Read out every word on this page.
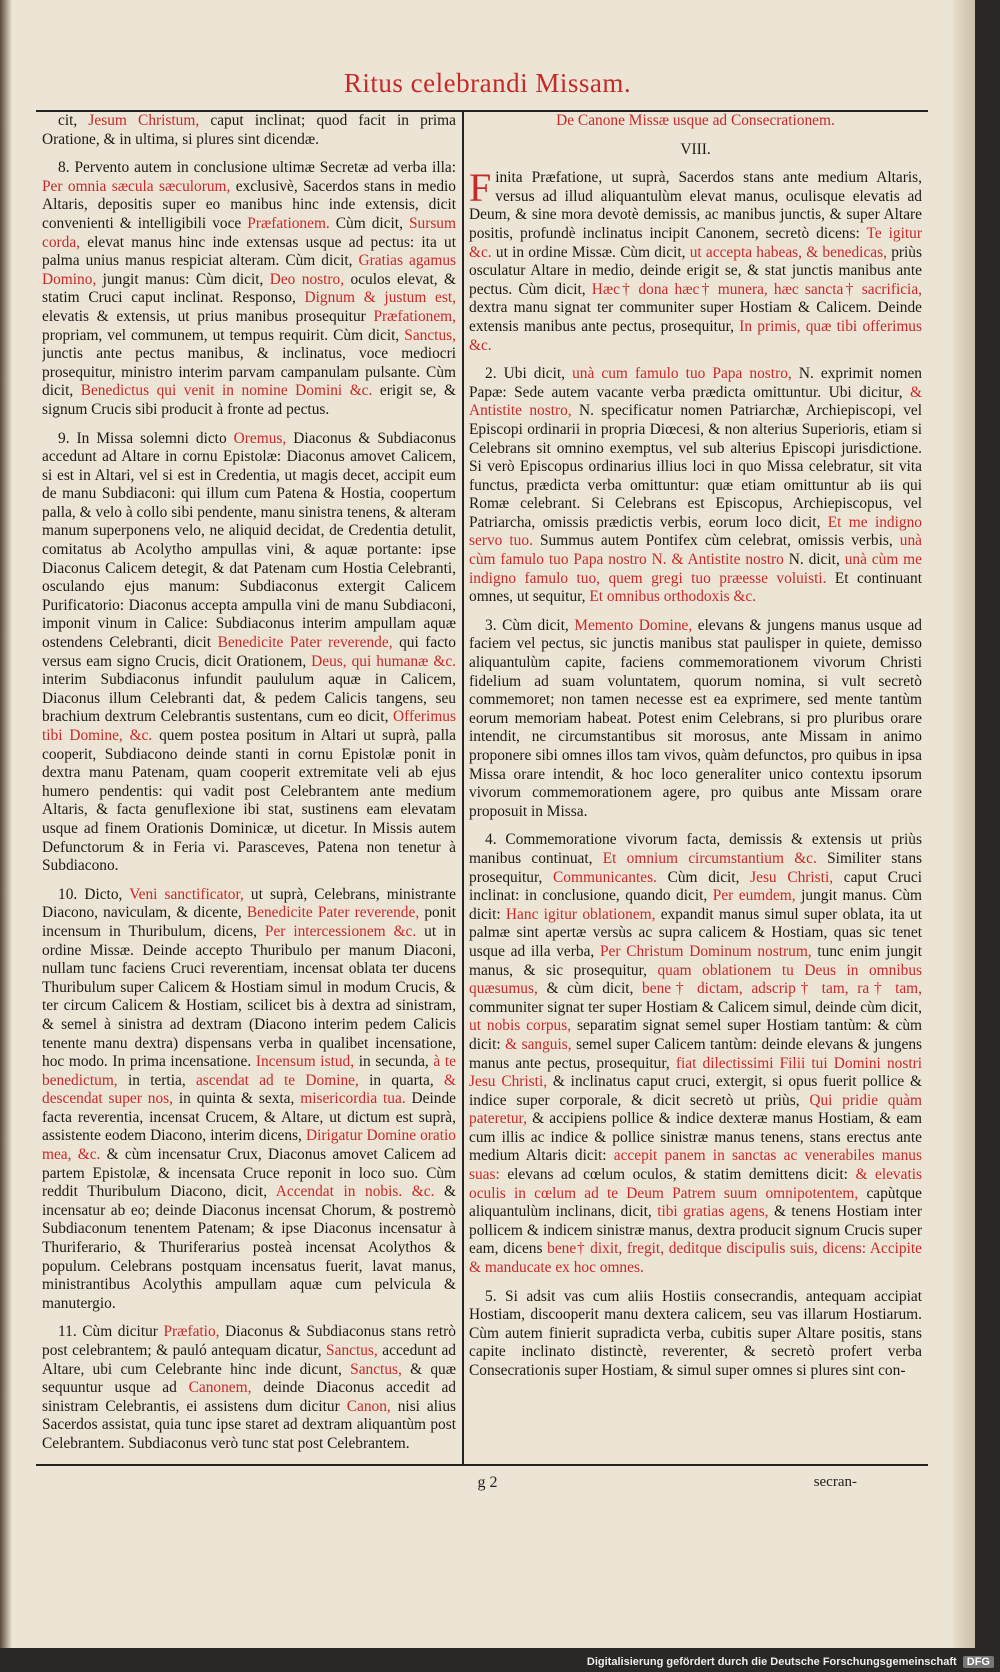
Ritus celebrandi Missam.

cit, Jesum Christum, caput inclinat; quod facit in prima Oratione, & in ultima, si plures sint dicendæ.

8. Pervento autem in conclusione ultimæ Secretæ ad verba illa: Per omnia sæcula sæculorum, exclusivè, Sacerdos stans in medio Altaris, depositis super eo manibus hinc inde extensis, dicit convenienti & intelligibili voce Præfationem. Cùm dicit, Sursum corda, elevat manus hinc inde extensas usque ad pectus: ita ut palma unius manus respiciat alteram. Cùm dicit, Gratias agamus Domino, jungit manus: Cùm dicit, Deo nostro, oculos elevat, & statim Cruci caput inclinat. Responso, Dignum & justum est, elevatis & extensis, ut prius manibus prosequitur Præfationem, propriam, vel communem, ut tempus requirit. Cùm dicit, Sanctus, junctis ante pectus manibus, & inclinatus, voce mediocri prosequitur, ministro interim parvam campanulam pulsante. Cùm dicit, Benedictus qui venit in nomine Domini &c. erigit se, & signum Crucis sibi producit à fronte ad pectus.

9. In Missa solemni dicto Oremus, Diaconus & Subdiaconus accedunt ad Altare in cornu Epistolæ: Diaconus amovet Calicem, si est in Altari, vel si est in Credentia, ut magis decet, accipit eum de manu Subdiaconi: qui illum cum Patena & Hostia, coopertum palla, & velo à collo sibi pendente, manu sinistra tenens, & alteram manum superponens velo, ne aliquid decidat, de Credentia detulit, comitatus ab Acolytho ampullas vini, & aquæ portante: ipse Diaconus Calicem detegit, & dat Patenam cum Hostia Celebranti, osculando ejus manum: Subdiaconus extergit Calicem Purificatorio: Diaconus accepta ampulla vini de manu Subdiaconi, imponit vinum in Calice: Subdiaconus interim ampullam aquæ ostendens Celebranti, dicit Benedicite Pater reverende, qui facto versus eam signo Crucis, dicit Orationem, Deus, qui humanæ &c. interim Subdiaconus infundit paululum aquæ in Calicem, Diaconus illum Celebranti dat, & pedem Calicis tangens, seu brachium dextrum Celebrantis sustentans, cum eo dicit, Offerimus tibi Domine, &c. quem postea positum in Altari ut suprà, palla cooperit, Subdiacono deinde stanti in cornu Epistolæ ponit in dextra manu Patenam, quam cooperit extremitate veli ab ejus humero pendentis: qui vadit post Celebrantem ante medium Altaris, & facta genuflexione ibi stat, sustinens eam elevatam usque ad finem Orationis Dominicæ, ut dicetur. In Missis autem Defunctorum & in Feria vi. Parasceves, Patena non tenetur à Subdiacono.

10. Dicto, Veni sanctificator, ut suprà, Celebrans, ministrante Diacono, naviculam, & dicente, Benedicite Pater reverende, ponit incensum in Thuribulum, dicens, Per intercessionem &c. ut in ordine Missæ. Deinde accepto Thuribulo per manum Diaconi, nullam tunc faciens Cruci reverentiam, incensat oblata ter ducens Thuribulum super Calicem & Hostiam simul in modum Crucis, & ter circum Calicem & Hostiam, scilicet bis à dextra ad sinistram, & semel à sinistra ad dextram (Diacono interim pedem Calicis tenente manu dextra) dispensans verba in qualibet incensatione, hoc modo. In prima incensatione. Incensum istud, in secunda, à te benedictum, in tertia, ascendat ad te Domine, in quarta, & descendat super nos, in quinta & sexta, misericordia tua. Deinde facta reverentia, incensat Crucem, & Altare, ut dictum est suprà, assistente eodem Diacono, interim dicens, Dirigatur Domine oratio mea, &c. & cùm incensatur Crux, Diaconus amovet Calicem ad partem Epistolæ, & incensata Cruce reponit in loco suo. Cùm reddit Thuribulum Diacono, dicit, Accendat in nobis. &c. & incensatur ab eo; deinde Diaconus incensat Chorum, & postremò Subdiaconum tenentem Patenam; & ipse Diaconus incensatur à Thuriferario, & Thuriferarius posteà incensat Acolythos & populum. Celebrans postquam incensatus fuerit, lavat manus, ministrantibus Acolythis ampullam aquæ cum pelvicula & manutergio.

11. Cùm dicitur Præfatio, Diaconus & Subdiaconus stans retrò post celebrantem; & pauló antequam dicatur, Sanctus, accedunt ad Altare, ubi cum Celebrante hinc inde dicunt, Sanctus, & quæ sequuntur usque ad Canonem, deinde Diaconus accedit ad sinistram Celebrantis, ei assistens dum dicitur Canon, nisi alius Sacerdos assistat, quia tunc ipse staret ad dextram aliquantùm post Celebrantem. Subdiaconus verò tunc stat post Celebrantem.

De Canone Missæ usque ad Consecrationem.

VIII.

Finita Præfatione, ut suprà, Sacerdos stans ante medium Altaris, versus ad illud aliquantulùm elevat manus, oculisque elevatis ad Deum, & sine mora devotè demissis, ac manibus junctis, & super Altare positis, profundè inclinatus incipit Canonem, secretò dicens: Te igitur &c. ut in ordine Missæ. Cùm dicit, ut accepta habeas, & benedicas, priùs osculatur Altare in medio, deinde erigit se, & stat junctis manibus ante pectus. Cùm dicit, Hæc† dona hæc† munera, hæc sancta† sacrificia, dextra manu signat ter communiter super Hostiam & Calicem. Deinde extensis manibus ante pectus, prosequitur, In primis, quæ tibi offerimus &c.

2. Ubi dicit, unà cum famulo tuo Papa nostro, N. exprimit nomen Papæ: Sede autem vacante verba prædicta omittuntur. Ubi dicitur, & Antistite nostro, N. specificatur nomen Patriarchæ, Archiepiscopi, vel Episcopi ordinarii in propria Diœcesi, & non alterius Superioris, etiam si Celebrans sit omnino exemptus, vel sub alterius Episcopi jurisdictione. Si verò Episcopus ordinarius illius loci in quo Missa celebratur, sit vita functus, prædicta verba omittuntur: quæ etiam omittuntur ab iis qui Romæ celebrant. Si Celebrans est Episcopus, Archiepiscopus, vel Patriarcha, omissis prædictis verbis, eorum loco dicit, Et me indigno servo tuo. Summus autem Pontifex cùm celebrat, omissis verbis, unà cùm famulo tuo Papa nostro N. & Antistite nostro N. dicit, unà cùm me indigno famulo tuo, quem gregi tuo præesse voluisti. Et continuant omnes, ut sequitur, Et omnibus orthodoxis &c.

3. Cùm dicit, Memento Domine, elevans & jungens manus usque ad faciem vel pectus, sic junctis manibus stat paulisper in quiete, demisso aliquantulùm capite, faciens commemorationem vivorum Christi fidelium ad suam voluntatem, quorum nomina, si vult secretò commemoret; non tamen necesse est ea exprimere, sed mente tantùm eorum memoriam habeat. Potest enim Celebrans, si pro pluribus orare intendit, ne circumstantibus sit morosus, ante Missam in animo proponere sibi omnes illos tam vivos, quàm defunctos, pro quibus in ipsa Missa orare intendit, & hoc loco generaliter unico contextu ipsorum vivorum commemorationem agere, pro quibus ante Missam orare proposuit in Missa.

4. Commemoratione vivorum facta, demissis & extensis ut priùs manibus continuat, Et omnium circumstantium &c. Similiter stans prosequitur, Communicantes. Cùm dicit, Jesu Christi, caput Cruci inclinat: in conclusione, quando dicit, Per eumdem, jungit manus. Cùm dicit: Hanc igitur oblationem, expandit manus simul super oblata, ita ut palmæ sint apertæ versùs ac supra calicem & Hostiam, quas sic tenet usque ad illa verba, Per Christum Dominum nostrum, tunc enim jungit manus, & sic prosequitur, quam oblationem tu Deus in omnibus quæsumus, & cùm dicit, bene† dictam, adscrip† tam, ra† tam, communiter signat ter super Hostiam & Calicem simul, deinde cùm dicit, ut nobis corpus, separatim signat semel super Hostiam tantùm: & cùm dicit: & sanguis, semel super Calicem tantùm: deinde elevans & jungens manus ante pectus, prosequitur, fiat dilectissimi Filii tui Domini nostri Jesu Christi, & inclinatus caput cruci, extergit, si opus fuerit pollice & indice super corporale, & dicit secretò ut priùs, Qui pridie quàm pateretur, & accipiens pollice & indice dexteræ manus Hostiam, & eam cum illis ac indice & pollice sinistræ manus tenens, stans erectus ante medium Altaris dicit: accepit panem in sanctas ac venerabiles manus suas: elevans ad cœlum oculos, & statim demittens dicit: & elevatis oculis in cœlum ad te Deum Patrem suum omnipotentem, capùtque aliquantulùm inclinans, dicit, tibi gratias agens, & tenens Hostiam inter pollicem & indicem sinistræ manus, dextra producit signum Crucis super eam, dicens bene† dixit, fregit, deditque discipulis suis, dicens: Accipite & manducate ex hoc omnes.

5. Si adsit vas cum aliis Hostiis consecrandis, antequam accipiat Hostiam, discooperit manu dextera calicem, seu vas illarum Hostiarum. Cùm autem finierit supradicta verba, cubitis super Altare positis, stans capite inclinato distinctè, reverenter, & secretò profert verba Consecrationis super Hostiam, & simul super omnes si plures sint con-

g 2	secran-
Digitalisierung gefördert durch die Deutsche Forschungsgemeinschaft DFG
